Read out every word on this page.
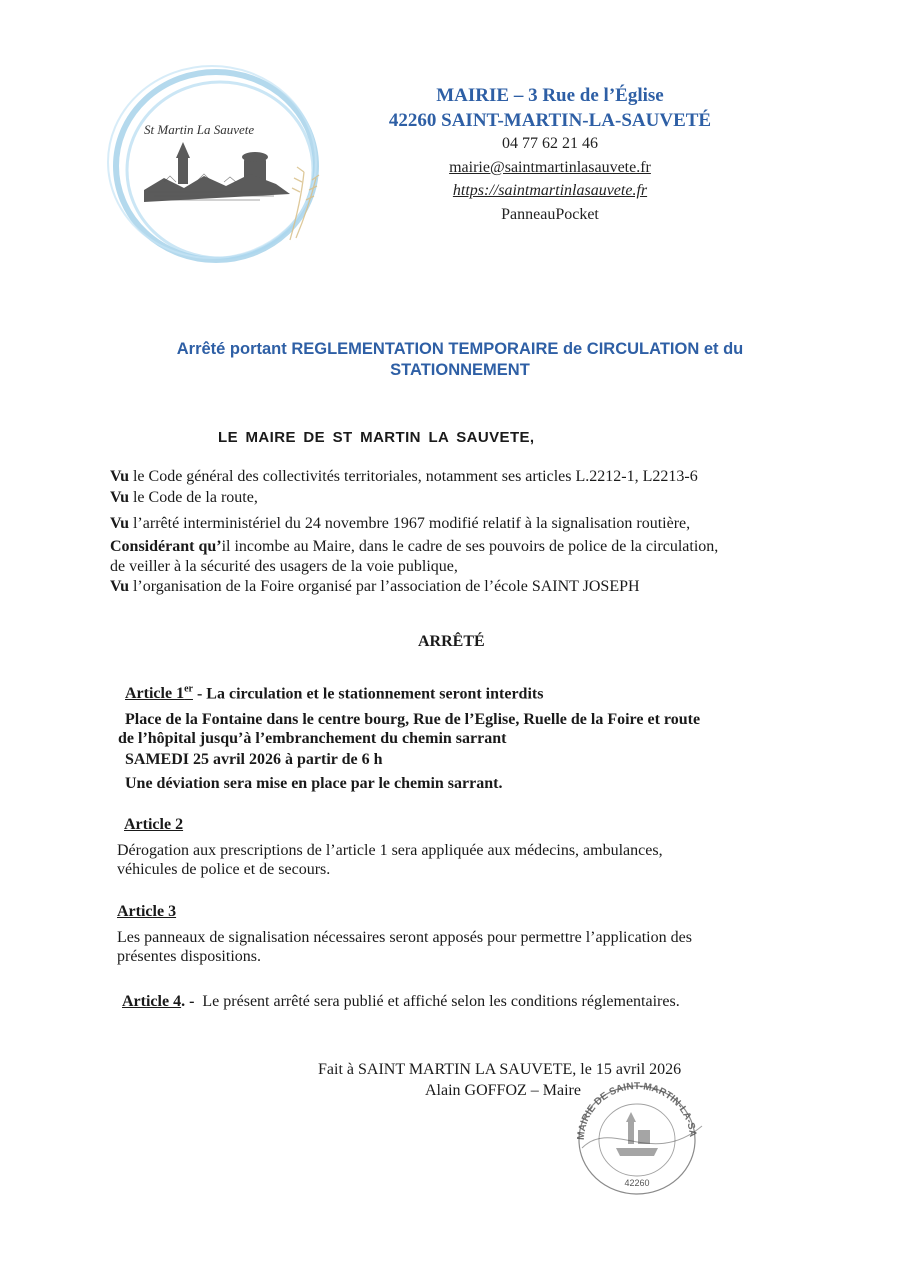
St Martin La Sauvete
MAIRIE – 3 Rue de l’Église
42260 SAINT-MARTIN-LA-SAUVETÉ
04 77 62 21 46
mairie@saintmartinlasauvete.fr
https://saintmartinlasauvete.fr
PanneauPocket
Arrêté portant REGLEMENTATION TEMPORAIRE de CIRCULATION et du
STATIONNEMENT
LE MAIRE DE ST MARTIN LA SAUVETE,
Vu le Code général des collectivités territoriales, notamment ses articles L.2212-1, L2213-6
Vu le Code de la route,
Vu l’arrêté interministériel du 24 novembre 1967 modifié relatif à la signalisation routière,
Considérant qu’il incombe au Maire, dans le cadre de ses pouvoirs de police de la circulation,
de veiller à la sécurité des usagers de la voie publique,
Vu l’organisation de la Foire organisé par l’association de l’école SAINT JOSEPH
ARRÊTÉ
Article 1er - La circulation et le stationnement seront interdits
Place de la Fontaine dans le centre bourg, Rue de l’Eglise, Ruelle de la Foire et route
de l’hôpital jusqu’à l’embranchement du chemin sarrant
SAMEDI 25 avril 2026 à partir de 6 h
Une déviation sera mise en place par le chemin sarrant.
Article 2
Dérogation aux prescriptions de l’article 1 sera appliquée aux médecins, ambulances,
véhicules de police et de secours.
Article 3
Les panneaux de signalisation nécessaires seront apposés pour permettre l’application des
présentes dispositions.
Article 4. - Le présent arrêté sera publié et affiché selon les conditions réglementaires.
Fait à SAINT MARTIN LA SAUVETE, le 15 avril 2026
Alain GOFFOZ – Maire
MAIRIE DE SAINT-MARTIN-LA-SA
42260
